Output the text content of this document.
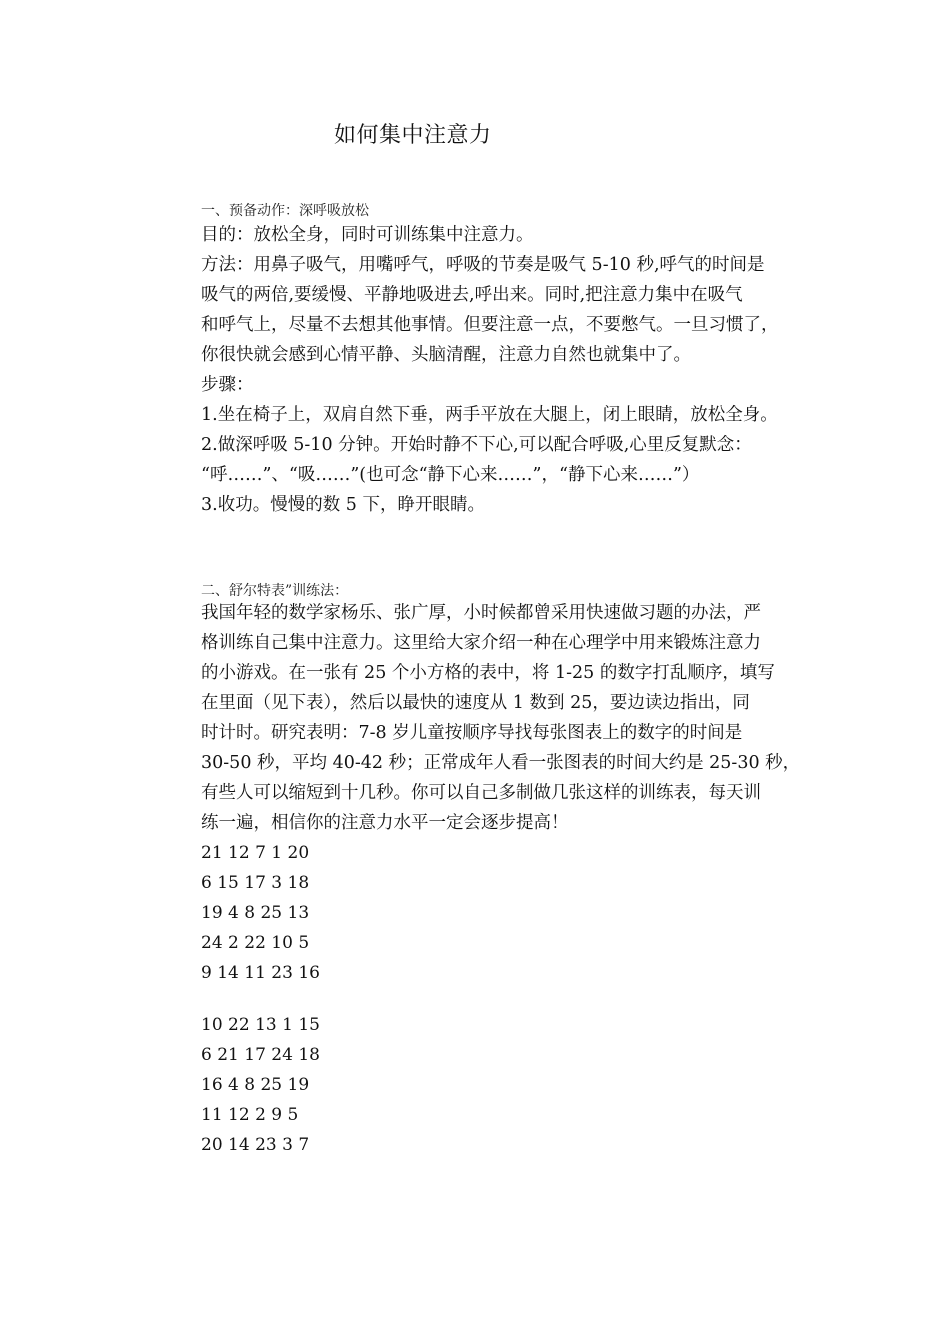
如何集中注意力
一、预备动作：深呼吸放松
目的：放松全身，同时可训练集中注意力。
方法：用鼻子吸气，用嘴呼气，呼吸的节奏是吸气 5-10 秒,呼气的时间是
吸气的两倍,要缓慢、平静地吸进去,呼出来。同时,把注意力集中在吸气
和呼气上，尽量不去想其他事情。但要注意一点，不要憋气。一旦习惯了，
你很快就会感到心情平静、头脑清醒，注意力自然也就集中了。
步骤：
1.坐在椅子上，双肩自然下垂，两手平放在大腿上，闭上眼睛，放松全身。
2.做深呼吸 5-10 分钟。开始时静不下心,可以配合呼吸,心里反复默念：
“呼……”、“吸……”(也可念“静下心来……”，“静下心来……”）
3.收功。慢慢的数 5 下，睁开眼睛。
二、舒尔特表”训练法：
我国年轻的数学家杨乐、张广厚，小时候都曾采用快速做习题的办法，严
格训练自己集中注意力。这里给大家介绍一种在心理学中用来锻炼注意力
的小游戏。在一张有 25 个小方格的表中，将 1-25 的数字打乱顺序，填写
在里面（见下表），然后以最快的速度从 1 数到 25，要边读边指出，同
时计时。研究表明：7-8 岁儿童按顺序导找每张图表上的数字的时间是
30-50 秒，平均 40-42 秒；正常成年人看一张图表的时间大约是 25-30 秒，
有些人可以缩短到十几秒。你可以自己多制做几张这样的训练表，每天训
练一遍，相信你的注意力水平一定会逐步提高！
21 12 7 1 20
6 15 17 3 18
19 4 8 25 13
24 2 22 10 5
9 14 11 23 16
10 22 13 1 15
6 21 17 24 18
16 4 8 25 19
11 12 2 9 5
20 14 23 3 7
